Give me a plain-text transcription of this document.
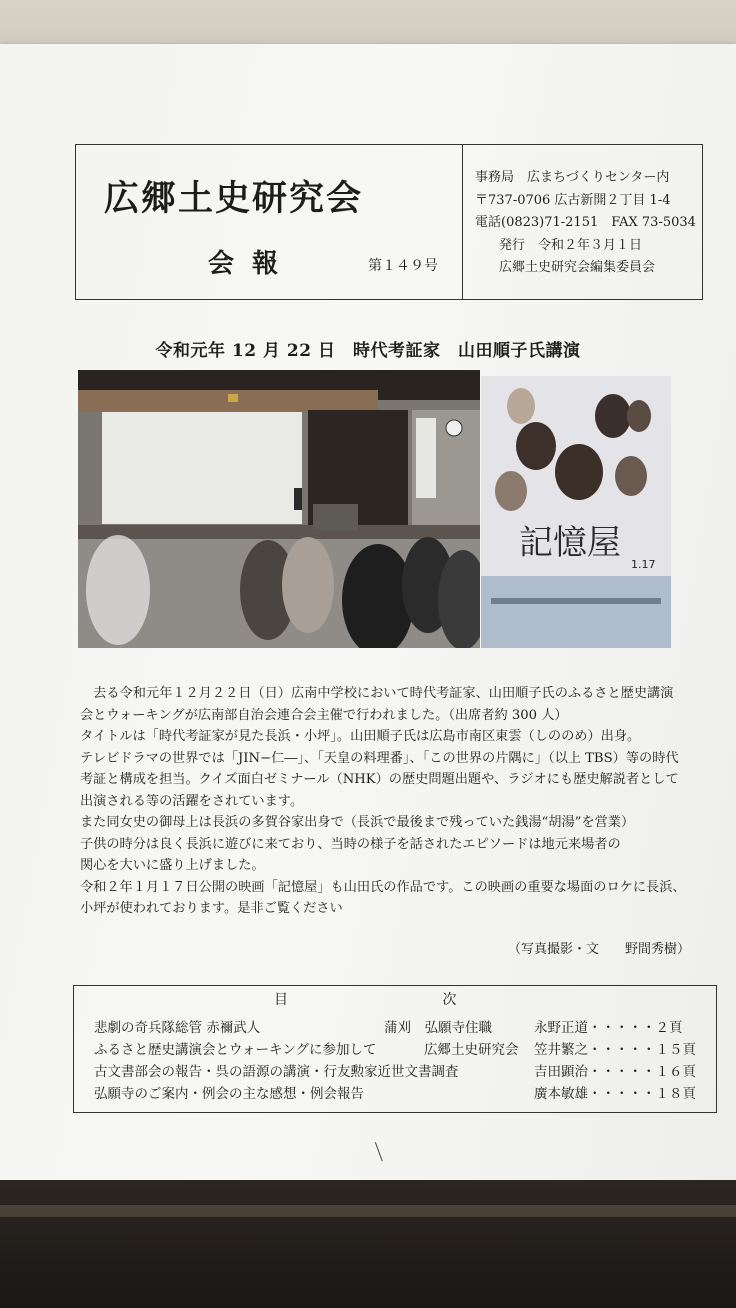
広郷土史研究会
会報	第１４９号
事務局　広まちづくりセンター内
〒737-0706 広古新開２丁目 1-4
電話(0823)71-2151　FAX 73-5034
発行　令和２年３月１日
広郷土史研究会編集委員会
令和元年 12 月 22 日　時代考証家　山田順子氏講演
記憶屋
1.17

　去る令和元年１２月２２日（日）広南中学校において時代考証家、山田順子氏のふるさと歴史講演

会とウォーキングが広南部自治会連合会主催で行われました。（出席者約 300 人）

タイトルは「時代考証家が見た長浜・小坪」。山田順子氏は広島市南区東雲（しののめ）出身。

テレビドラマの世界では「JIN−仁―」、「天皇の料理番」、「この世界の片隅に」（以上 TBS）等の時代

考証と構成を担当。クイズ面白ゼミナール（NHK）の歴史問題出題や、ラジオにも歴史解説者として

出演される等の活躍をされています。

また同女史の御母上は長浜の多賀谷家出身で（長浜で最後まで残っていた銭湯“胡湯”を営業）

子供の時分は良く長浜に遊びに来ており、当時の様子を話されたエピソードは地元来場者の

関心を大いに盛り上げました。

令和２年１月１７日公開の映画「記憶屋」も山田氏の作品です。この映画の重要な場面のロケに長浜、

小坪が使われております。是非ご覧ください

（写真撮影・文　　野間秀樹）
目	次
悲劇の奇兵隊総管 赤禰武人	蒲刈　弘願寺住職	永野正道・・・・・２頁
ふるさと歴史講演会とウォーキングに参加して	広郷土史研究会 笠井繁之・・・・・１５頁
古文書部会の報告・呉の語源の講演・行友勲家近世文書調査	吉田顕治・・・・・１６頁
弘願寺のご案内・例会の主な感想・例会報告	廣本敏雄・・・・・１８頁
